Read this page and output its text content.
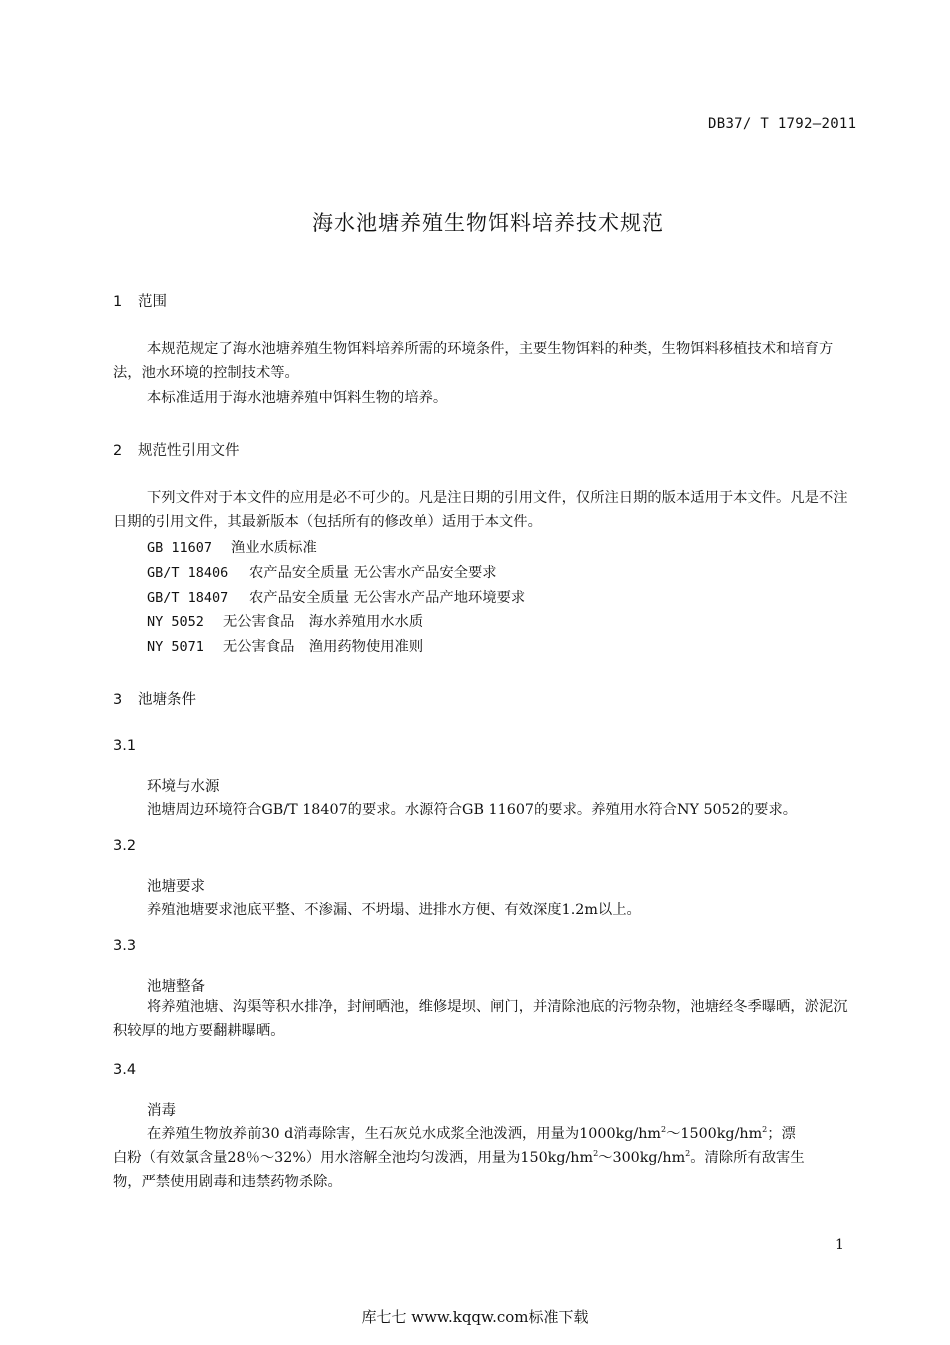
DB37/ T 1792—2011
海水池塘养殖生物饵料培养技术规范
1 范围
本规范规定了海水池塘养殖生物饵料培养所需的环境条件，主要生物饵料的种类，生物饵料移植技术和培育方法，池水环境的控制技术等。
本标准适用于海水池塘养殖中饵料生物的培养。
2 规范性引用文件
下列文件对于本文件的应用是必不可少的。凡是注日期的引用文件，仅所注日期的版本适用于本文件。凡是不注日期的引用文件，其最新版本（包括所有的修改单）适用于本文件。
GB 11607 渔业水质标准
GB/T 18406 农产品安全质量 无公害水产品安全要求
GB/T 18407 农产品安全质量 无公害水产品产地环境要求
NY 5052 无公害食品　海水养殖用水水质
NY 5071 无公害食品　渔用药物使用准则
3 池塘条件
3.1
环境与水源
池塘周边环境符合GB/T 18407的要求。水源符合GB 11607的要求。养殖用水符合NY 5052的要求。
3.2
池塘要求
养殖池塘要求池底平整、不渗漏、不坍塌、进排水方便、有效深度1.2m以上。
3.3
池塘整备
将养殖池塘、沟渠等积水排净，封闸晒池，维修堤坝、闸门，并清除池底的污物杂物，池塘经冬季曝晒，淤泥沉积较厚的地方要翻耕曝晒。
3.4
消毒
在养殖生物放养前30 d消毒除害，生石灰兑水成浆全池泼洒，用量为$1000kg/hm^2\sim 1500kg/hm^2$；漂
白粉（有效氯含量28％～32%）用水溶解全池均匀泼洒，用量为$150kg/hm^2\sim 300kg/hm^2$。清除所有敌害生
物，严禁使用剧毒和违禁药物杀除。
1
库七七 www.kqqw.com标准下载
